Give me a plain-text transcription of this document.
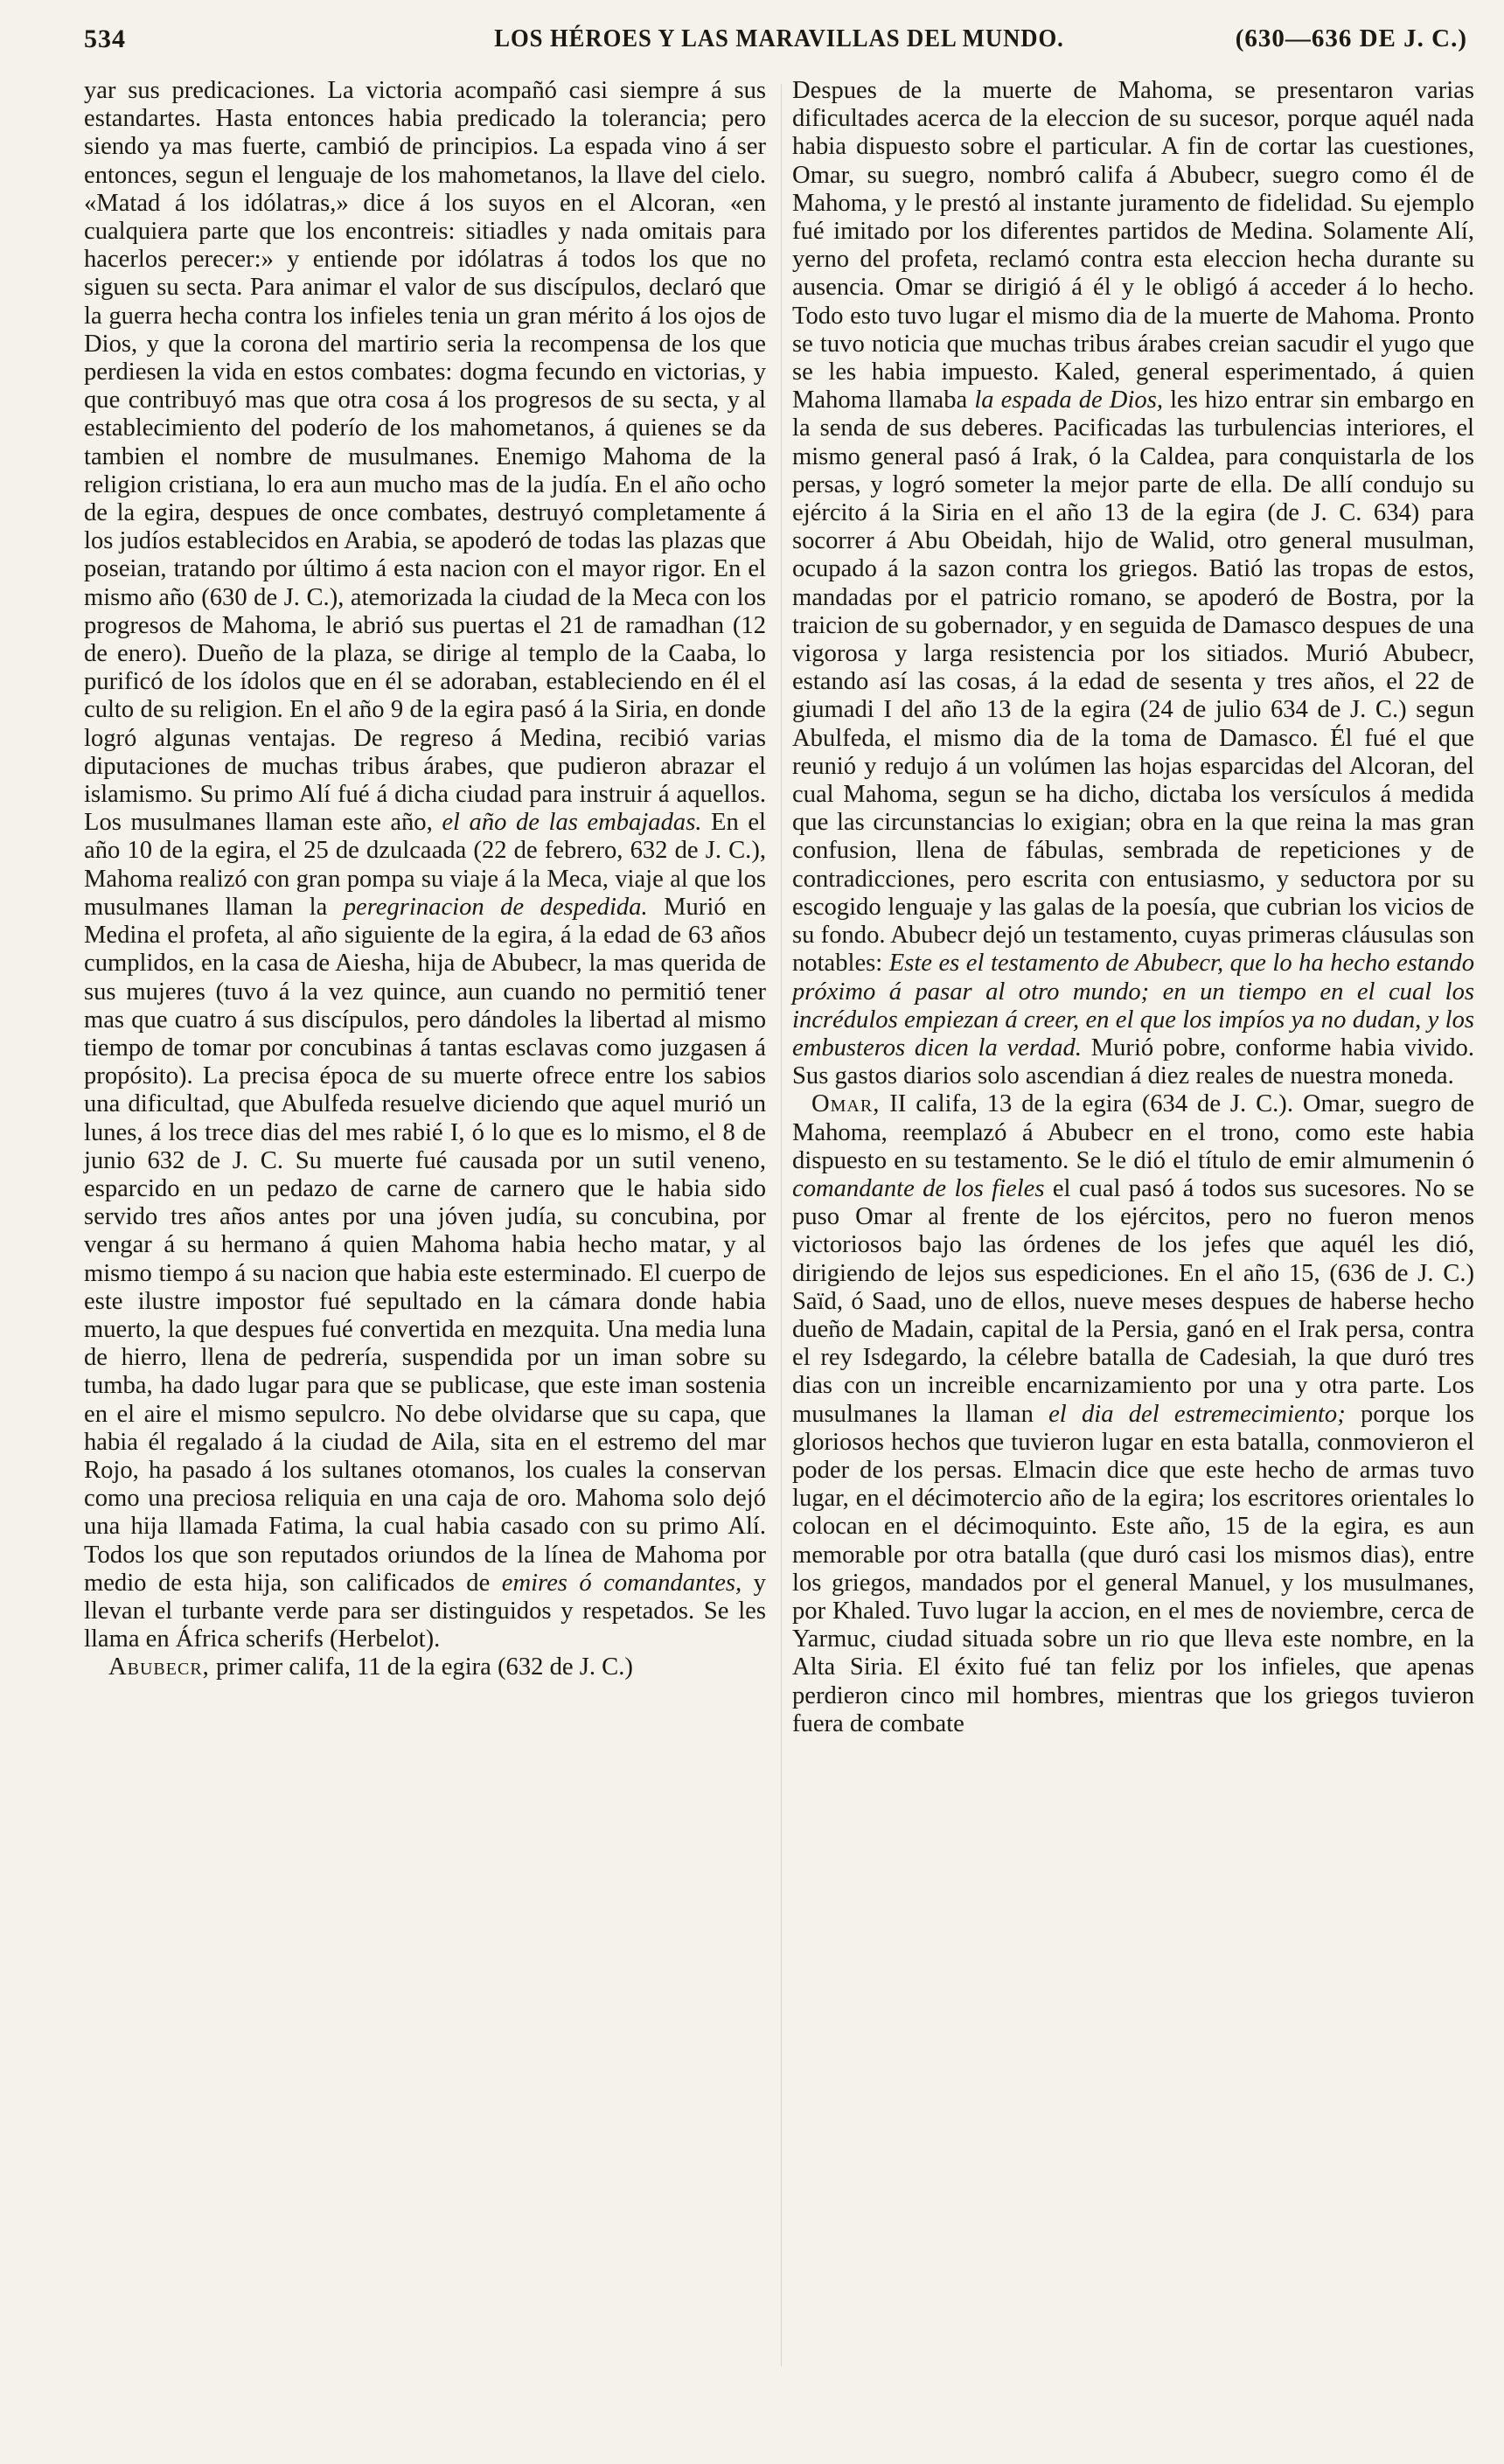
534	LOS HÉROES Y LAS MARAVILLAS DEL MUNDO.	(630—636 DE J. C.)

yar sus predicaciones. La victoria acompañó casi siempre á sus estandartes. Hasta entonces habia predicado la tolerancia; pero siendo ya mas fuerte, cambió de principios. La espada vino á ser entonces, segun el lenguaje de los mahometanos, la llave del cielo. «Matad á los idólatras,» dice á los suyos en el Alcoran, «en cualquiera parte que los encontreis: sitiadles y nada omitais para hacerlos perecer:» y entiende por idólatras á todos los que no siguen su secta. Para animar el valor de sus discípulos, declaró que la guerra hecha contra los infieles tenia un gran mérito á los ojos de Dios, y que la corona del martirio seria la recompensa de los que perdiesen la vida en estos combates: dogma fecundo en victorias, y que contribuyó mas que otra cosa á los progresos de su secta, y al establecimiento del poderío de los mahometanos, á quienes se da tambien el nombre de musulmanes. Enemigo Mahoma de la religion cristiana, lo era aun mucho mas de la judía. En el año ocho de la egira, despues de once combates, destruyó completamente á los judíos establecidos en Arabia, se apoderó de todas las plazas que poseian, tratando por último á esta nacion con el mayor rigor. En el mismo año (630 de J. C.), atemorizada la ciudad de la Meca con los progresos de Mahoma, le abrió sus puertas el 21 de ramadhan (12 de enero). Dueño de la plaza, se dirige al templo de la Caaba, lo purificó de los ídolos que en él se adoraban, estableciendo en él el culto de su religion. En el año 9 de la egira pasó á la Siria, en donde logró algunas ventajas. De regreso á Medina, recibió varias diputaciones de muchas tribus árabes, que pudieron abrazar el islamismo. Su primo Alí fué á dicha ciudad para instruir á aquellos. Los musulmanes llaman este año, el año de las embajadas. En el año 10 de la egira, el 25 de dzulcaada (22 de febrero, 632 de J. C.), Mahoma realizó con gran pompa su viaje á la Meca, viaje al que los musulmanes llaman la peregrinacion de despedida. Murió en Medina el profeta, al año siguiente de la egira, á la edad de 63 años cumplidos, en la casa de Aiesha, hija de Abubecr, la mas querida de sus mujeres (tuvo á la vez quince, aun cuando no permitió tener mas que cuatro á sus discípulos, pero dándoles la libertad al mismo tiempo de tomar por concubinas á tantas esclavas como juzgasen á propósito). La precisa época de su muerte ofrece entre los sabios una dificultad, que Abulfeda resuelve diciendo que aquel murió un lunes, á los trece dias del mes rabié I, ó lo que es lo mismo, el 8 de junio 632 de J. C. Su muerte fué causada por un sutil veneno, esparcido en un pedazo de carne de carnero que le habia sido servido tres años antes por una jóven judía, su concubina, por vengar á su hermano á quien Mahoma habia hecho matar, y al mismo tiempo á su nacion que habia este esterminado. El cuerpo de este ilustre impostor fué sepultado en la cámara donde habia muerto, la que despues fué convertida en mezquita. Una media luna de hierro, llena de pedrería, suspendida por un iman sobre su tumba, ha dado lugar para que se publicase, que este iman sostenia en el aire el mismo sepulcro. No debe olvidarse que su capa, que habia él regalado á la ciudad de Aila, sita en el estremo del mar Rojo, ha pasado á los sultanes otomanos, los cuales la conservan como una preciosa reliquia en una caja de oro. Mahoma solo dejó una hija llamada Fatima, la cual habia casado con su primo Alí. Todos los que son reputados oriundos de la línea de Mahoma por medio de esta hija, son calificados de emires ó comandantes, y llevan el turbante verde para ser distinguidos y respetados. Se les llama en África scherifs (Herbelot).

Abubecr, primer califa, 11 de la egira (632 de J. C.)

Despues de la muerte de Mahoma, se presentaron varias dificultades acerca de la eleccion de su sucesor, porque aquél nada habia dispuesto sobre el particular. A fin de cortar las cuestiones, Omar, su suegro, nombró califa á Abubecr, suegro como él de Mahoma, y le prestó al instante juramento de fidelidad. Su ejemplo fué imitado por los diferentes partidos de Medina. Solamente Alí, yerno del profeta, reclamó contra esta eleccion hecha durante su ausencia. Omar se dirigió á él y le obligó á acceder á lo hecho. Todo esto tuvo lugar el mismo dia de la muerte de Mahoma. Pronto se tuvo noticia que muchas tribus árabes creian sacudir el yugo que se les habia impuesto. Kaled, general esperimentado, á quien Mahoma llamaba la espada de Dios, les hizo entrar sin embargo en la senda de sus deberes. Pacificadas las turbulencias interiores, el mismo general pasó á Irak, ó la Caldea, para conquistarla de los persas, y logró someter la mejor parte de ella. De allí condujo su ejército á la Siria en el año 13 de la egira (de J. C. 634) para socorrer á Abu Obeidah, hijo de Walid, otro general musulman, ocupado á la sazon contra los griegos. Batió las tropas de estos, mandadas por el patricio romano, se apoderó de Bostra, por la traicion de su gobernador, y en seguida de Damasco despues de una vigorosa y larga resistencia por los sitiados. Murió Abubecr, estando así las cosas, á la edad de sesenta y tres años, el 22 de giumadi I del año 13 de la egira (24 de julio 634 de J. C.) segun Abulfeda, el mismo dia de la toma de Damasco. Él fué el que reunió y redujo á un volúmen las hojas esparcidas del Alcoran, del cual Mahoma, segun se ha dicho, dictaba los versículos á medida que las circunstancias lo exigian; obra en la que reina la mas gran confusion, llena de fábulas, sembrada de repeticiones y de contradicciones, pero escrita con entusiasmo, y seductora por su escogido lenguaje y las galas de la poesía, que cubrian los vicios de su fondo. Abubecr dejó un testamento, cuyas primeras cláusulas son notables: Este es el testamento de Abubecr, que lo ha hecho estando próximo á pasar al otro mundo; en un tiempo en el cual los incrédulos empiezan á creer, en el que los impíos ya no dudan, y los embusteros dicen la verdad. Murió pobre, conforme habia vivido. Sus gastos diarios solo ascendian á diez reales de nuestra moneda.

Omar, II califa, 13 de la egira (634 de J. C.). Omar, suegro de Mahoma, reemplazó á Abubecr en el trono, como este habia dispuesto en su testamento. Se le dió el título de emir almumenin ó comandante de los fieles el cual pasó á todos sus sucesores. No se puso Omar al frente de los ejércitos, pero no fueron menos victoriosos bajo las órdenes de los jefes que aquél les dió, dirigiendo de lejos sus espediciones. En el año 15, (636 de J. C.) Saïd, ó Saad, uno de ellos, nueve meses despues de haberse hecho dueño de Madain, capital de la Persia, ganó en el Irak persa, contra el rey Isdegardo, la célebre batalla de Cadesiah, la que duró tres dias con un increible encarnizamiento por una y otra parte. Los musulmanes la llaman el dia del estremecimiento; porque los gloriosos hechos que tuvieron lugar en esta batalla, conmovieron el poder de los persas. Elmacin dice que este hecho de armas tuvo lugar, en el décimotercio año de la egira; los escritores orientales lo colocan en el décimoquinto. Este año, 15 de la egira, es aun memorable por otra batalla (que duró casi los mismos dias), entre los griegos, mandados por el general Manuel, y los musulmanes, por Khaled. Tuvo lugar la accion, en el mes de noviembre, cerca de Yarmuc, ciudad situada sobre un rio que lleva este nombre, en la Alta Siria. El éxito fué tan feliz por los infieles, que apenas perdieron cinco mil hombres, mientras que los griegos tuvieron fuera de combate
